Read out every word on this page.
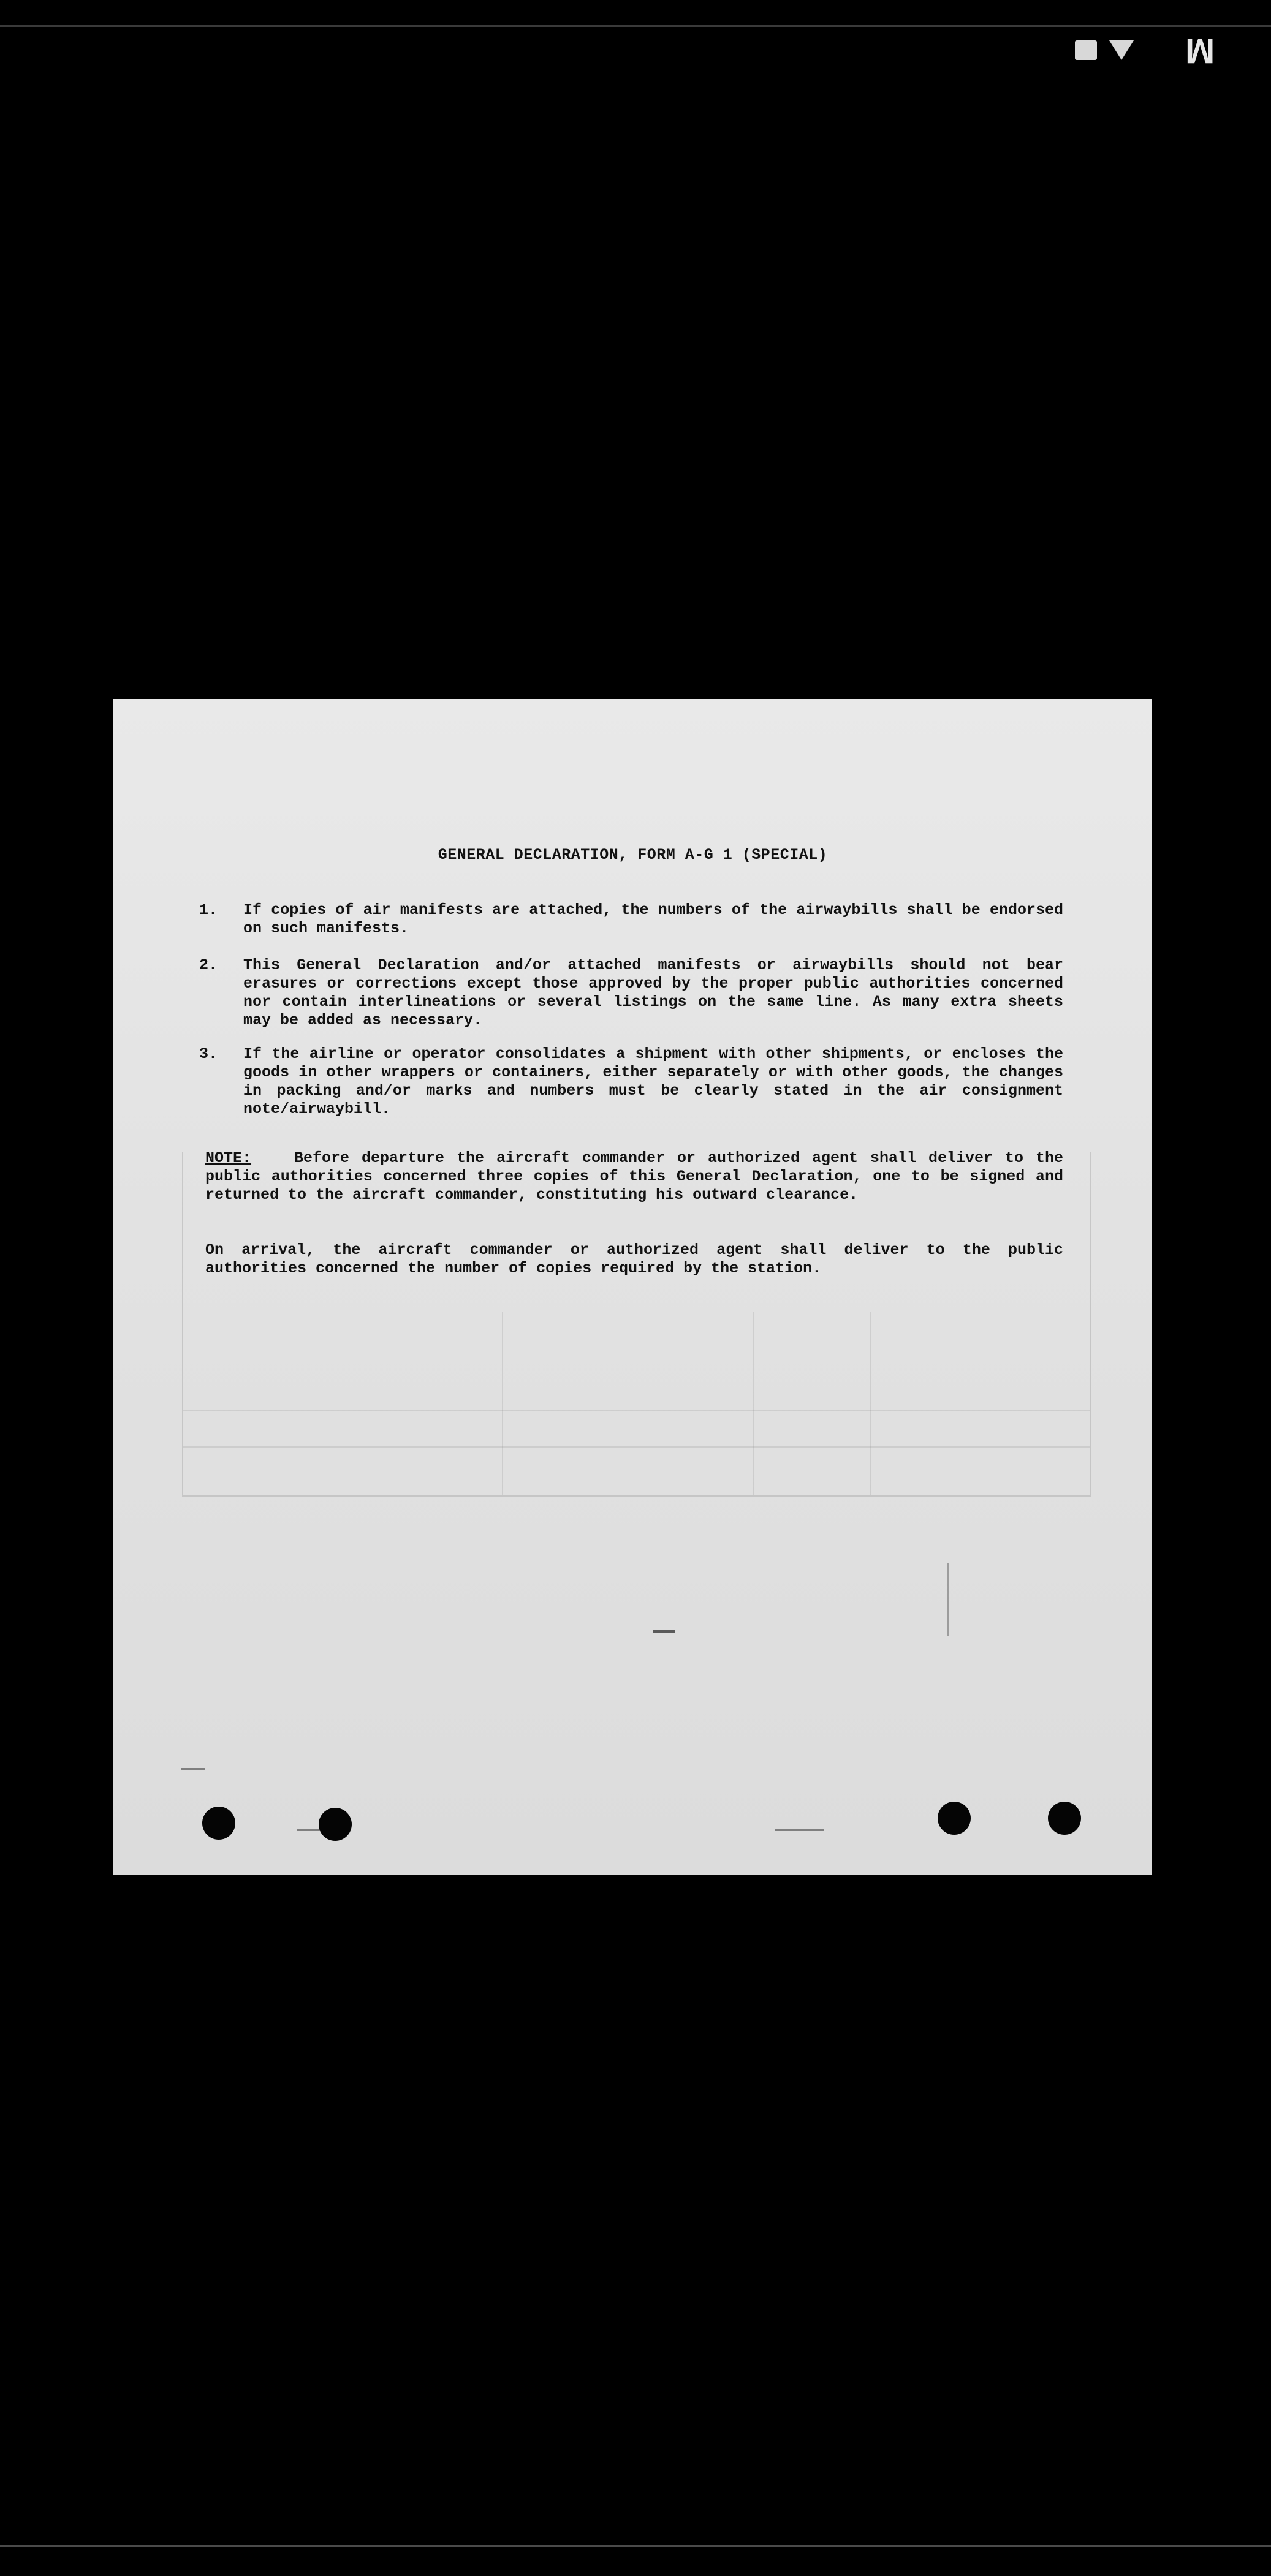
M
GENERAL DECLARATION, FORM A-G 1 (SPECIAL)
1.	If copies of air manifests are attached, the numbers of the airwaybills shall be endorsed on such manifests.
2.	This General Declaration and/or attached manifests or airwaybills should not bear erasures or corrections except those approved by the proper public authorities concerned nor contain interlineations or several listings on the same line. As many extra sheets may be added as necessary.
3.	If the airline or operator consolidates a shipment with other shipments, or encloses the goods in other wrappers or containers, either separately or with other goods, the changes in packing and/or marks and numbers must be clearly stated in the air consignment note/airwaybill.
NOTE:	Before departure the aircraft commander or authorized agent shall deliver to the public authorities concerned three copies of this General Declaration, one to be signed and returned to the aircraft commander, constituting his outward clearance.
On arrival, the aircraft commander or authorized agent shall deliver to the public authorities concerned the number of copies required by the station.
